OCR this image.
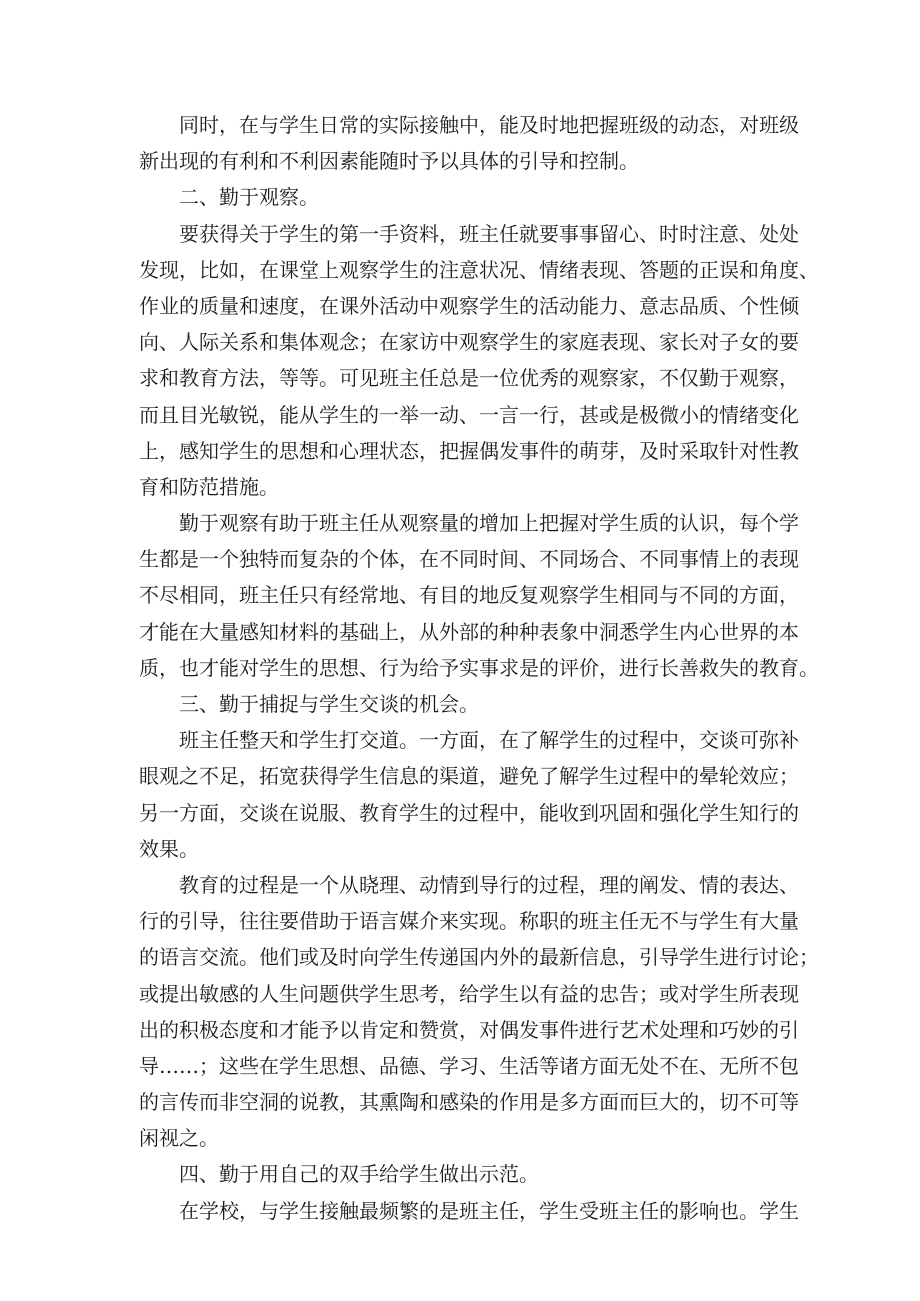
同时，在与学生日常的实际接触中，能及时地把握班级的动态，对班级
新出现的有利和不利因素能随时予以具体的引导和控制。
二、勤于观察。
要获得关于学生的第一手资料，班主任就要事事留心、时时注意、处处
发现，比如，在课堂上观察学生的注意状况、情绪表现、答题的正误和角度、
作业的质量和速度，在课外活动中观察学生的活动能力、意志品质、个性倾
向、人际关系和集体观念；在家访中观察学生的家庭表现、家长对子女的要
求和教育方法，等等。可见班主任总是一位优秀的观察家，不仅勤于观察，
而且目光敏锐，能从学生的一举一动、一言一行，甚或是极微小的情绪变化
上，感知学生的思想和心理状态，把握偶发事件的萌芽，及时采取针对性教
育和防范措施。
勤于观察有助于班主任从观察量的增加上把握对学生质的认识，每个学
生都是一个独特而复杂的个体，在不同时间、不同场合、不同事情上的表现
不尽相同，班主任只有经常地、有目的地反复观察学生相同与不同的方面，
才能在大量感知材料的基础上，从外部的种种表象中洞悉学生内心世界的本
质，也才能对学生的思想、行为给予实事求是的评价，进行长善救失的教育。
三、勤于捕捉与学生交谈的机会。
班主任整天和学生打交道。一方面，在了解学生的过程中，交谈可弥补
眼观之不足，拓宽获得学生信息的渠道，避免了解学生过程中的晕轮效应；
另一方面，交谈在说服、教育学生的过程中，能收到巩固和强化学生知行的
效果。
教育的过程是一个从晓理、动情到导行的过程，理的阐发、情的表达、
行的引导，往往要借助于语言媒介来实现。称职的班主任无不与学生有大量
的语言交流。他们或及时向学生传递国内外的最新信息，引导学生进行讨论；
或提出敏感的人生问题供学生思考，给学生以有益的忠告；或对学生所表现
出的积极态度和才能予以肯定和赞赏，对偶发事件进行艺术处理和巧妙的引
导……；这些在学生思想、品德、学习、生活等诸方面无处不在、无所不包
的言传而非空洞的说教，其熏陶和感染的作用是多方面而巨大的，切不可等
闲视之。
四、勤于用自己的双手给学生做出示范。
在学校，与学生接触最频繁的是班主任，学生受班主任的影响也。学生
